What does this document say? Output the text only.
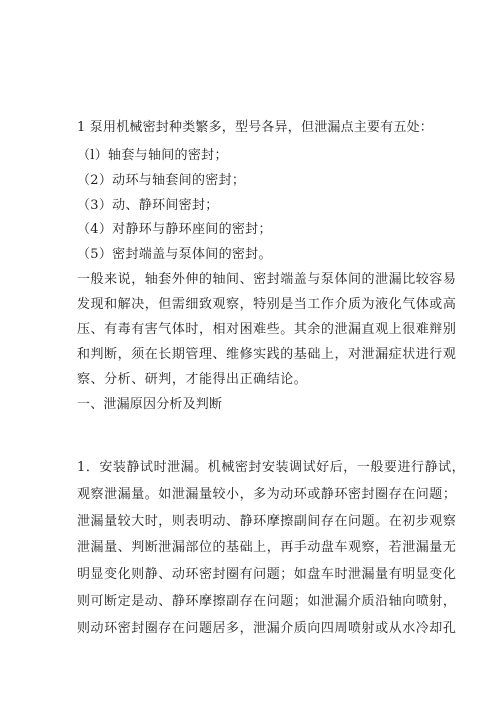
1 泵用机械密封种类繁多，型号各异，但泄漏点主要有五处：
（l）轴套与轴间的密封；
（2）动环与轴套间的密封；
（3）动、静环间密封；
（4）对静环与静环座间的密封；
（5）密封端盖与泵体间的密封。
一般来说，轴套外伸的轴间、密封端盖与泵体间的泄漏比较容易
发现和解决，但需细致观察，特别是当工作介质为液化气体或高
压、有毒有害气体时，相对困难些。其余的泄漏直观上很难辩别
和判断，须在长期管理、维修实践的基础上，对泄漏症状进行观
察、分析、研判，才能得出正确结论。
一、泄漏原因分析及判断
1．安装静试时泄漏。机械密封安装调试好后，一般要进行静试，
观察泄漏量。如泄漏量较小，多为动环或静环密封圈存在问题；
泄漏量较大时，则表明动、静环摩擦副间存在问题。在初步观察
泄漏量、判断泄漏部位的基础上，再手动盘车观察，若泄漏量无
明显变化则静、动环密封圈有问题；如盘车时泄漏量有明显变化
则可断定是动、静环摩擦副存在问题；如泄漏介质沿轴向喷射，
则动环密封圈存在问题居多，泄漏介质向四周喷射或从水冷却孔
